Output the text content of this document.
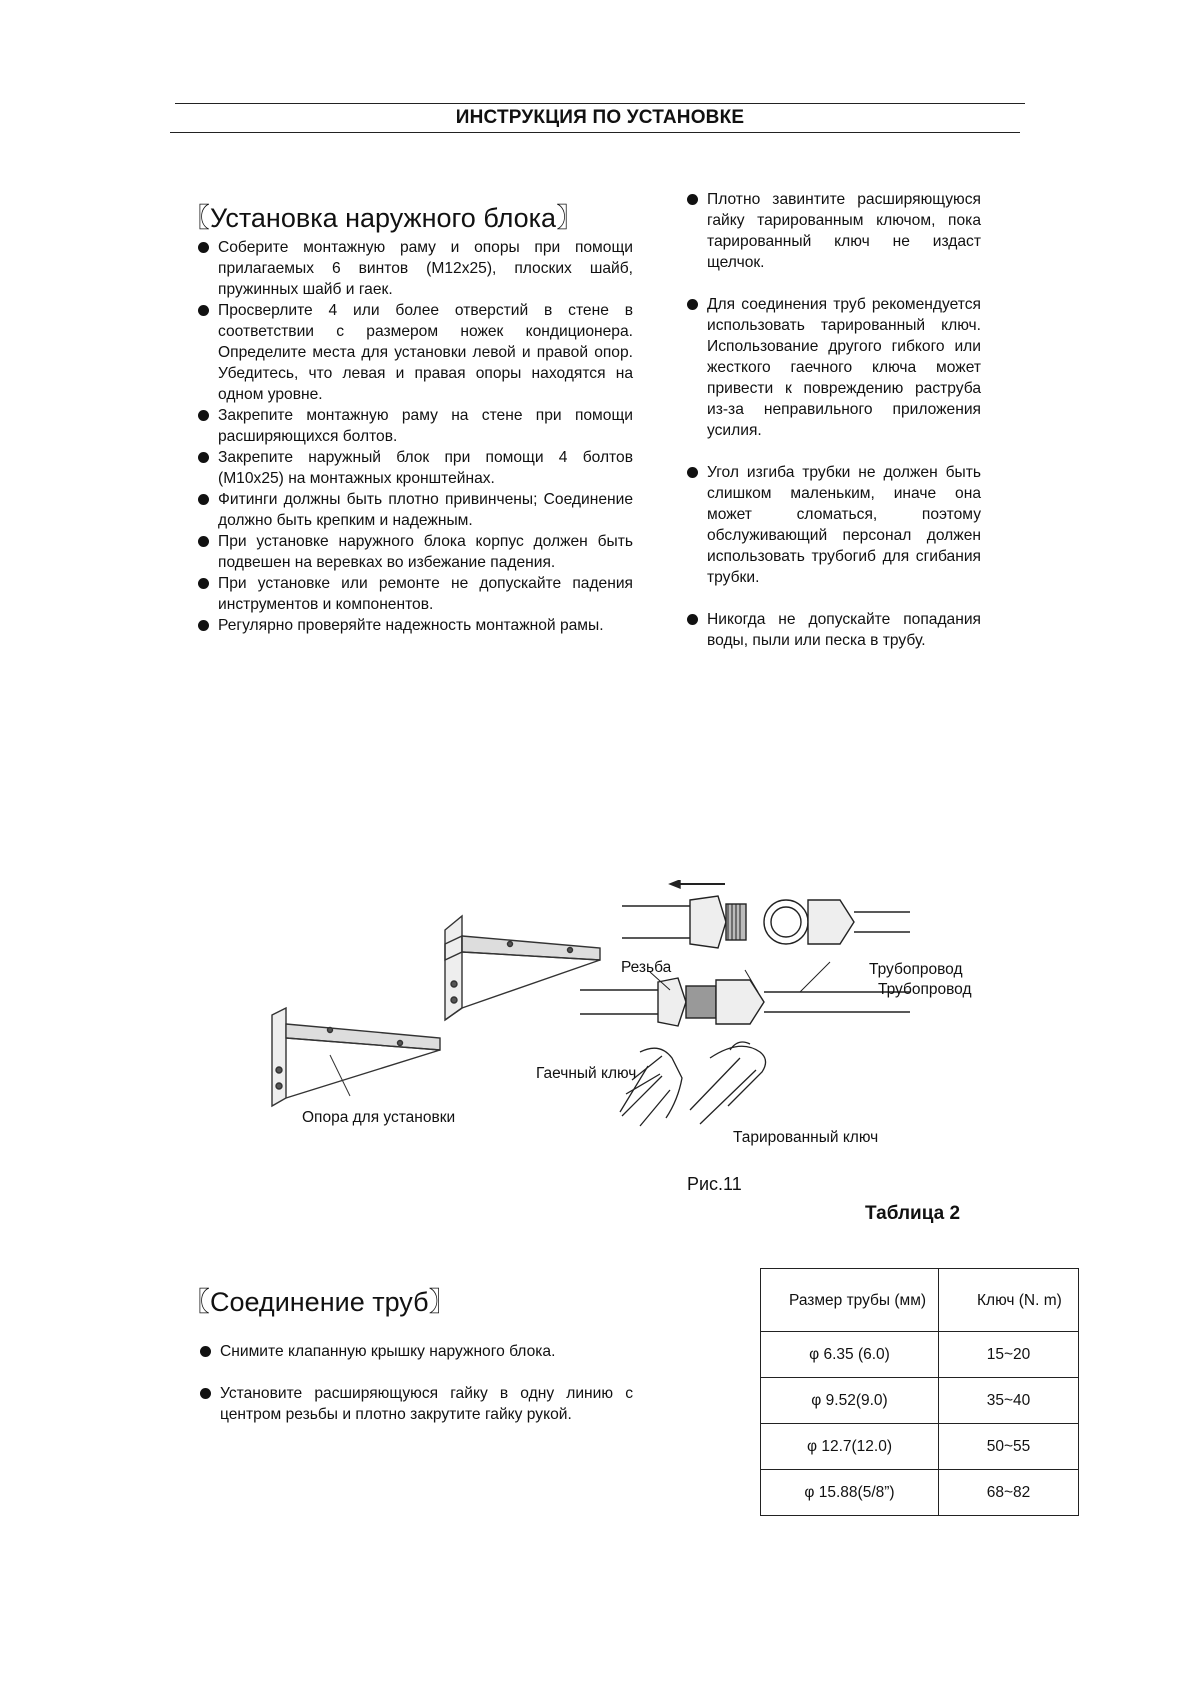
ИНСТРУКЦИЯ ПО УСТАНОВКЕ
〖Установка наружного блока〗
Соберите монтажную раму и опоры при помощи прилагаемых 6 винтов (M12x25), плоских шайб, пружинных шайб и гаек.
Просверлите 4 или более отверстий в стене в соответствии с размером ножек кондиционера. Определите места для установки левой и правой опор. Убедитесь, что левая и правая опоры находятся на одном уровне.
Закрепите монтажную раму на стене при помощи расширяющихся болтов.
Закрепите наружный блок при помощи 4 болтов (M10x25) на монтажных кронштейнах.
Фитинги должны быть плотно привинчены; Соединение должно быть крепким и надежным.
При установке наружного блока корпус должен быть подвешен на веревках во избежание падения.
При установке или ремонте не допускайте падения инструментов и компонентов.
Регулярно проверяйте надежность монтажной рамы.
Плотно завинтите расширяющуюся гайку тарированным ключом, пока тарированный ключ не издаст щелчок.
Для соединения труб рекомендуется использовать тарированный ключ. Использование другого гибкого или жесткого гаечного ключа может привести к повреждению раструба из-за неправильного приложения усилия.
Угол изгиба трубки не должен быть слишком маленьким, иначе она может сломаться, поэтому обслуживающий персонал должен использовать трубогиб для сгибания трубки.
Никогда не допускайте попадания воды, пыли или песка в трубу.
Резьба	Трубопровод
Трубопровод
Гаечный ключ
Опора для установки
Тарированный ключ
Рис.11
Таблица 2
Размер трубы (мм)	Ключ (N. m)

φ 6.35 (6.0)	15~20
φ 9.52(9.0)	35~40
φ 12.7(12.0)	50~55
φ 15.88(5/8”)	68~82
〖Соединение труб〗
Снимите клапанную крышку наружного блока.
Установите расширяющуюся гайку в одну линию с центром резьбы и плотно закрутите гайку рукой.
